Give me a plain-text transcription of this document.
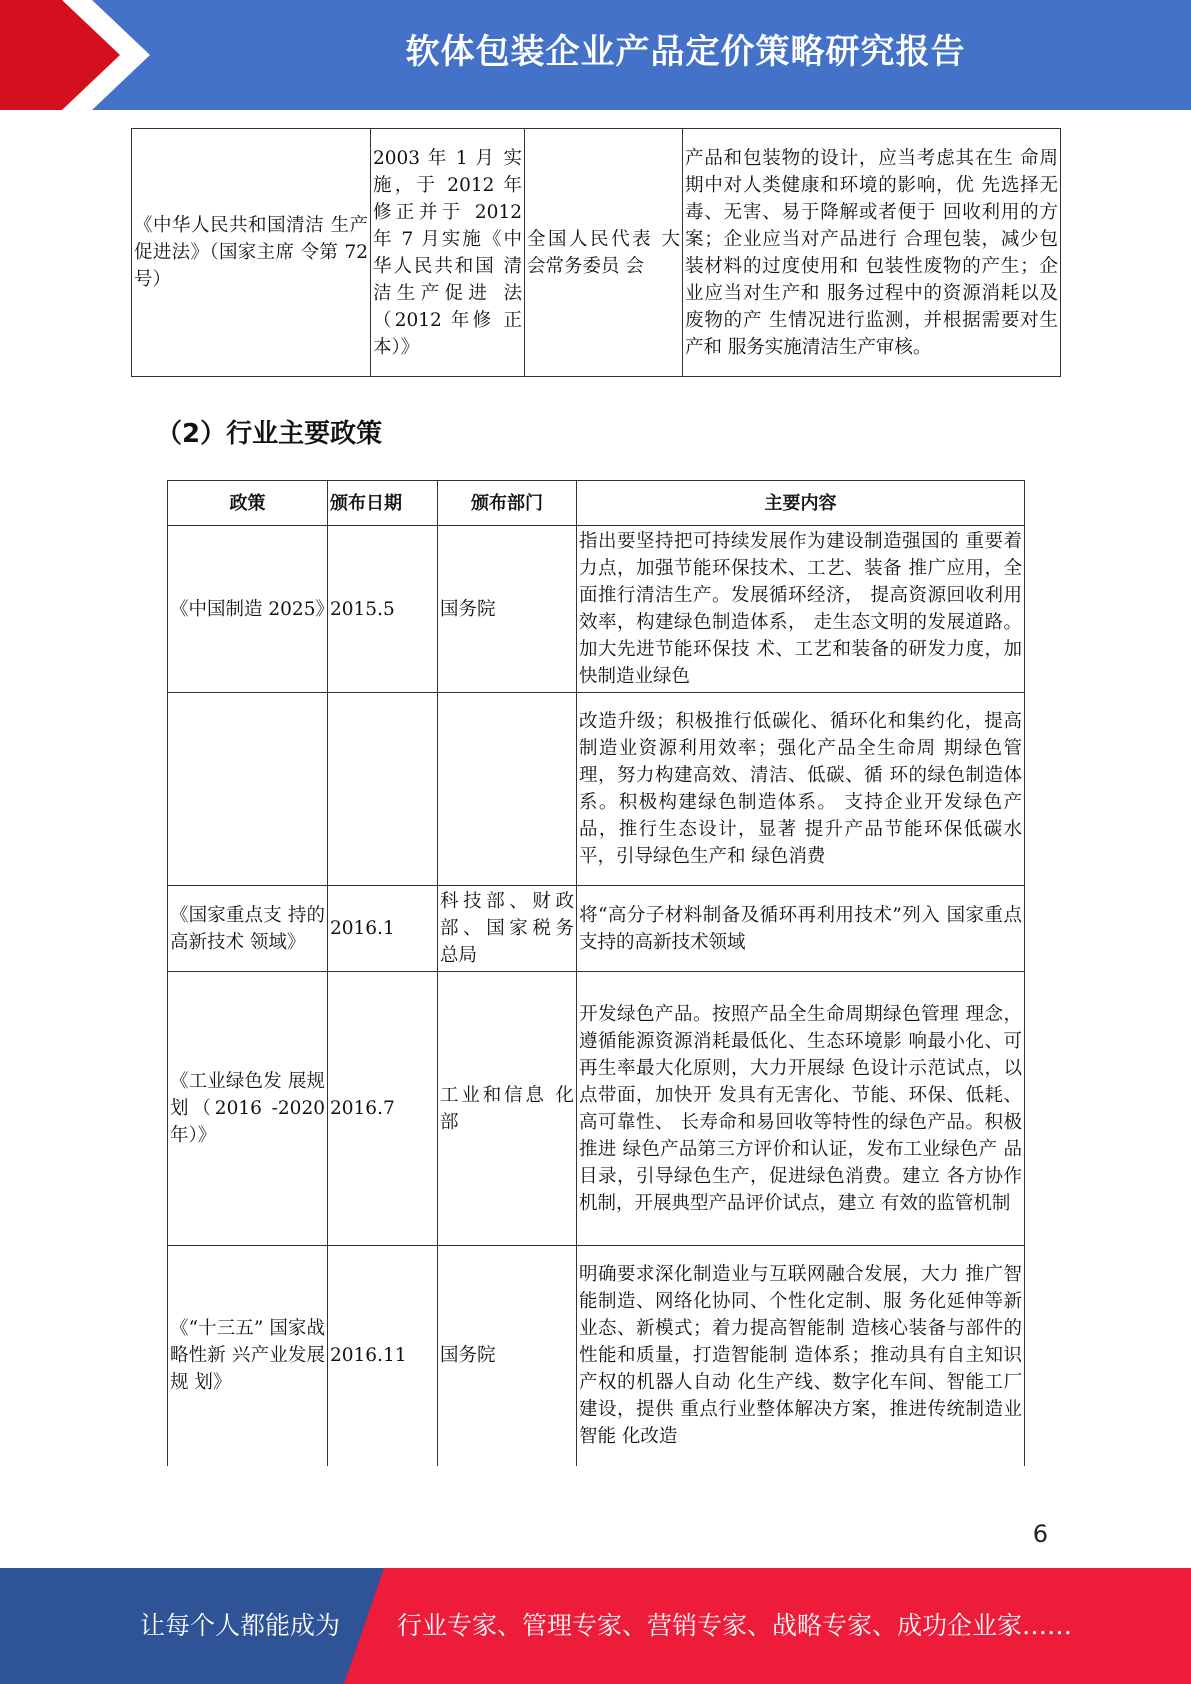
软体包装企业产品定价策略研究报告
《中华人民共和国清洁 生产促进法》（国家主席 令第 72 号）	2003 年 1 月 实施，于 2012 年 修正并于 2012 年 7 月实施《中 华人民共和国 清洁生产促进 法（2012 年修 正本）》	全国人民代表 大会常务委员 会	产品和包装物的设计，应当考虑其在生 命周期中对人类健康和环境的影响，优 先选择无毒、无害、易于降解或者便于 回收利用的方案；企业应当对产品进行 合理包装，减少包装材料的过度使用和 包装性废物的产生；企业应当对生产和 服务过程中的资源消耗以及废物的产 生情况进行监测，并根据需要对生产和 服务实施清洁生产审核。
（2）行业主要政策
政策	颁布日期	颁布部门	主要内容
《中国制造 2025》	2015.5	国务院	指出要坚持把可持续发展作为建设制造强国的 重要着力点，加强节能环保技术、工艺、装备 推广应用，全面推行清洁生产。发展循环经济， 提高资源回收利用效率，构建绿色制造体系， 走生态文明的发展道路。加大先进节能环保技 术、工艺和装备的研发力度，加快制造业绿色
			改造升级；积极推行低碳化、循环化和集约化，提高制造业资源利用效率；强化产品全生命周 期绿色管理，努力构建高效、清洁、低碳、循 环的绿色制造体系。积极构建绿色制造体系。 支持企业开发绿色产品，推行生态设计，显著 提升产品节能环保低碳水平，引导绿色生产和 绿色消费
《国家重点支 持的高新技术 领域》	2016.1	科技部、财政 部、国家税务 总局	将“高分子材料制备及循环再利用技术”列入 国家重点支持的高新技术领域
《工业绿色发 展规划（2016 -2020 年）》	2016.7	工业和信息 化部	开发绿色产品。按照产品全生命周期绿色管理 理念，遵循能源资源消耗最低化、生态环境影 响最小化、可再生率最大化原则，大力开展绿 色设计示范试点，以点带面，加快开 发具有无害化、节能、环保、低耗、高可靠性、 长寿命和易回收等特性的绿色产品。积极推进 绿色产品第三方评价和认证，发布工业绿色产 品目录，引导绿色生产，促进绿色消费。建立 各方协作机制，开展典型产品评价试点，建立 有效的监管机制
《“十三五” 国家战略性新 兴产业发展规 划》	2016.11	国务院	明确要求深化制造业与互联网融合发展，大力 推广智能制造、网络化协同、个性化定制、服 务化延伸等新业态、新模式；着力提高智能制 造核心装备与部件的性能和质量，打造智能制 造体系；推动具有自主知识产权的机器人自动 化生产线、数字化车间、智能工厂建设，提供 重点行业整体解决方案，推进传统制造业智能 化改造
6
让每个人都能成为 行业专家、管理专家、营销专家、战略专家、成功企业家……
